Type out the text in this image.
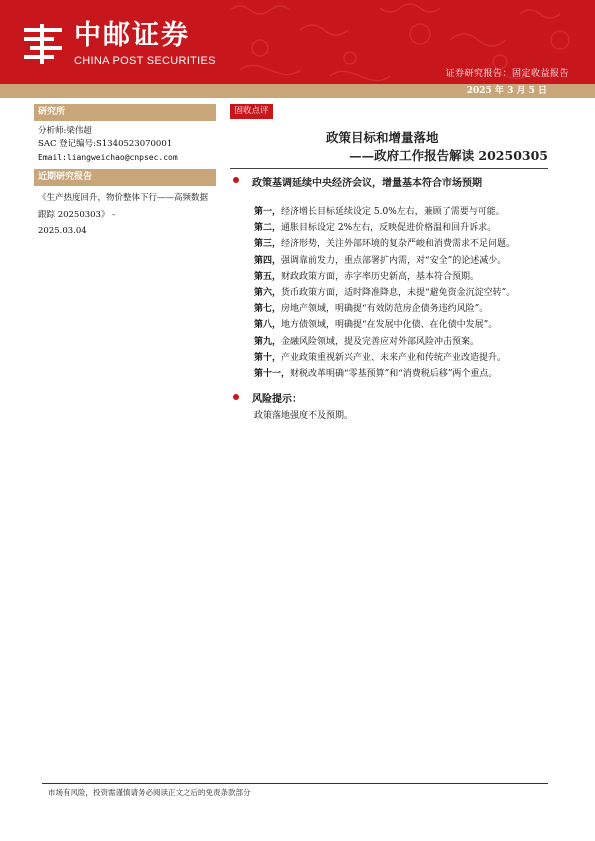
中邮证券
CHINA POST SECURITIES
证券研究报告：固定收益报告
2025 年 3 月 5 日
研究所
分析师:梁伟超
SAC 登记编号:S1340523070001
Email:liangweichao@cnpsec.com
近期研究报告
《生产热度回升，物价整体下行——高频数据跟踪 20250303》 -
2025.03.04
固收点评
政策目标和增量落地
——政府工作报告解读 20250305
政策基调延续中央经济会议，增量基本符合市场预期
第一，经济增长目标延续设定 5.0%左右，兼顾了需要与可能。
第二，通胀目标设定 2%左右，反映促进价格温和回升诉求。
第三，经济形势，关注外部环境的复杂严峻和消费需求不足问题。
第四，强调靠前发力，重点部署扩内需，对“安全”的论述减少。
第五，财政政策方面，赤字率历史新高，基本符合预期。
第六，货币政策方面，适时降准降息，未提“避免资金沉淀空转”。
第七，房地产领域，明确提“有效防范房企债务违约风险”。
第八，地方债领域，明确提“在发展中化债、在化债中发展”。
第九，金融风险领域，提及完善应对外部风险冲击预案。
第十，产业政策重视新兴产业、未来产业和传统产业改造提升。
第十一，财税改革明确“零基预算”和“消费税后移”两个重点。
风险提示：
政策落地强度不及预期。
市场有风险，投资需谨慎请务必阅读正文之后的免责条款部分
